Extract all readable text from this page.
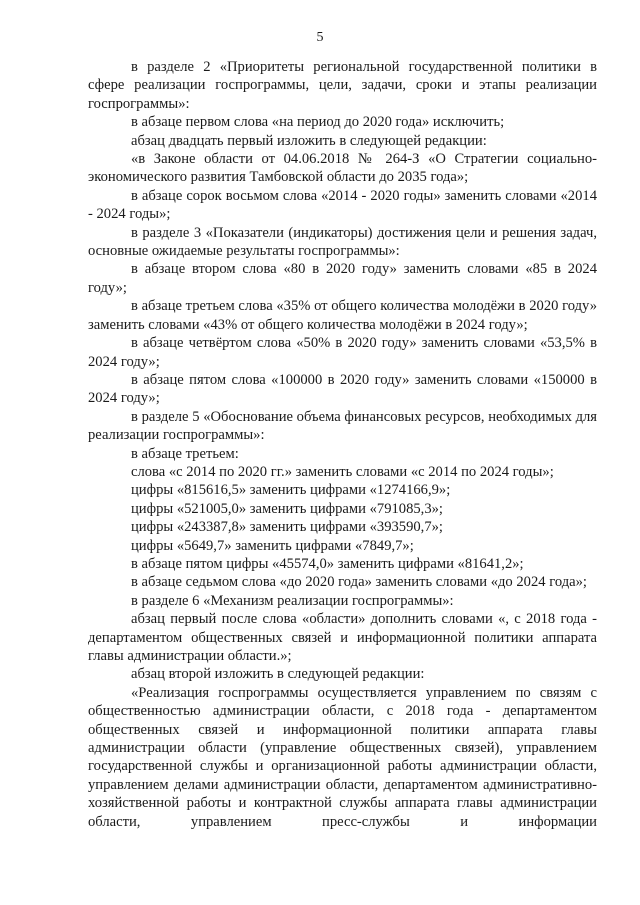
5

в разделе 2 «Приоритеты региональной государственной политики в сфере реализации госпрограммы, цели, задачи, сроки и этапы реализации госпрограммы»:

в абзаце первом слова «на период до 2020 года» исключить;

абзац двадцать первый изложить в следующей редакции:

«в Законе области от 04.06.2018 № 264-З «О Стратегии социально-экономического развития Тамбовской области до 2035 года»;

в абзаце сорок восьмом слова «2014 - 2020 годы» заменить словами «2014 - 2024 годы»;

в разделе 3 «Показатели (индикаторы) достижения цели и решения задач, основные ожидаемые результаты госпрограммы»:

в абзаце втором слова «80 в 2020 году» заменить словами «85 в 2024 году»;

в абзаце третьем слова «35% от общего количества молодёжи в 2020 году» заменить словами «43% от общего количества молодёжи в 2024 году»;

в абзаце четвёртом слова «50% в 2020 году» заменить словами «53,5% в 2024 году»;

в абзаце пятом слова «100000 в 2020 году» заменить словами «150000 в 2024 году»;

в разделе 5 «Обоснование объема финансовых ресурсов, необходимых для реализации госпрограммы»:

в абзаце третьем:

слова «с 2014 по 2020 гг.» заменить словами «с 2014 по 2024 годы»;

цифры «815616,5» заменить цифрами «1274166,9»;

цифры «521005,0» заменить цифрами «791085,3»;

цифры «243387,8» заменить цифрами «393590,7»;

цифры «5649,7» заменить цифрами «7849,7»;

в абзаце пятом цифры «45574,0» заменить цифрами «81641,2»;

в абзаце седьмом слова «до 2020 года» заменить словами «до 2024 года»;

в разделе 6 «Механизм реализации госпрограммы»:

абзац первый после слова «области» дополнить словами «, с 2018 года - департаментом общественных связей и информационной политики аппарата главы администрации области.»;

абзац второй изложить в следующей редакции:

«Реализация госпрограммы осуществляется управлением по связям с общественностью администрации области, с 2018 года - департаментом общественных связей и информационной политики аппарата главы администрации области (управление общественных связей), управлением государственной службы и организационной работы администрации области, управлением делами администрации области, департаментом административно-хозяйственной работы и контрактной службы аппарата главы администрации области, управлением пресс-службы и информации
